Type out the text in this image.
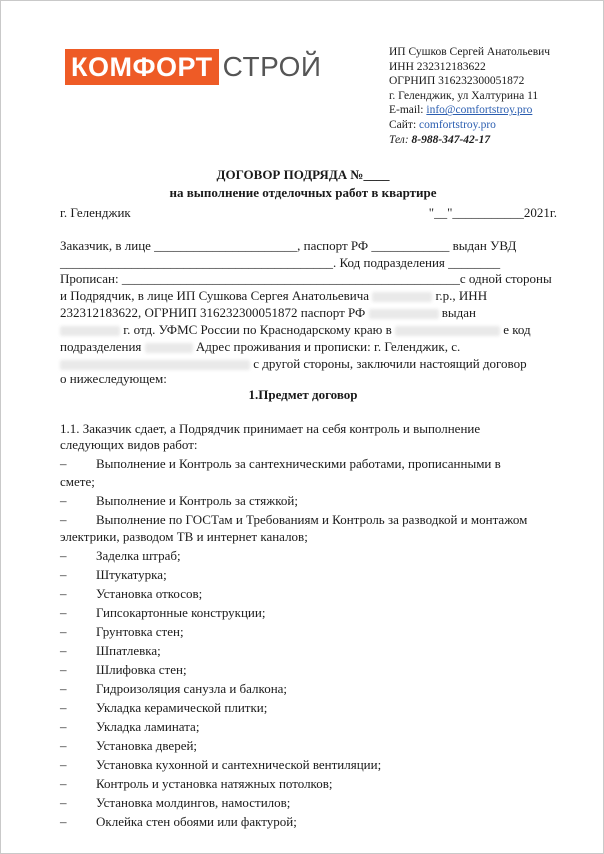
КОМФОРТ СТРОЙ	ИП Сушков Сергей Анатольевич
ИНН 232312183622
ОГРНИП 316232300051872
г. Геленджик, ул Халтурина 11
E-mail: info@comfortstroy.pro
Сайт: comfortstroy.pro
Тел: 8-988-347-42-17
ДОГОВОР ПОДРЯДА №____
на выполнение отделочных работ в квартире
г. Геленджик	"__"___________2021г.
Заказчик, в лице ______________________, паспорт РФ ____________ выдан УВД
__________________________________________. Код подразделения ________
Прописан: ____________________________________________________с одной стороны
и Подрядчик, в лице ИП Сушкова Сергея Анатольевича	г.р., ИНН
232312183622, ОГРНИП 316232300051872 паспорт РФ	выдан
г. отд. УФМС России по Краснодарскому краю в	е код
подразделения	Адрес проживания и прописки: г. Геленджик, с.
с другой стороны, заключили настоящий договор
о нижеследующем:
1.Предмет договор
1.1. Заказчик сдает, а Подрядчик принимает на себя контроль и выполнение
следующих видов работ:
–	Выполнение и Контроль за сантехническими работами, прописанными в
смете;
–	Выполнение и Контроль за стяжкой;
–	Выполнение по ГОСТам и Требованиям и Контроль за разводкой и монтажом
электрики, разводом ТВ и интернет каналов;
–	Заделка штраб;
–	Штукатурка;
–	Установка откосов;
–	Гипсокартонные конструкции;
–	Грунтовка стен;
–	Шпатлевка;
–	Шлифовка стен;
–	Гидроизоляция санузла и балкона;
–	Укладка керамической плитки;
–	Укладка ламината;
–	Установка дверей;
–	Установка кухонной и сантехнической вентиляции;
–	Контроль и установка натяжных потолков;
–	Установка молдингов, намостилов;
–	Оклейка стен обоями или фактурой;
